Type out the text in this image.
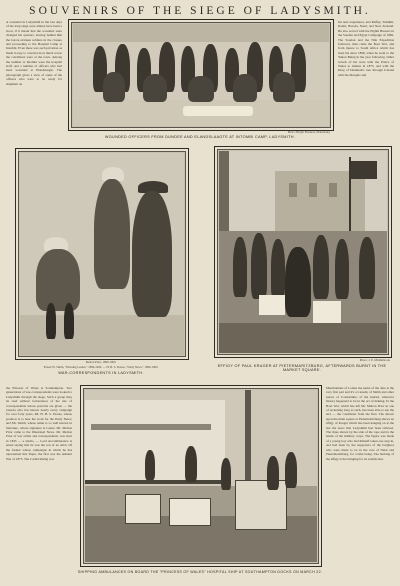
SOUVENIRS OF THE SIEGE OF LADYSMITH.

A wounded in Ladysmith in the last days of the long siege were almost have been a boon, if it meant that the wounded were changed his quarters, leaving behind him the horror-stricken soldiers in the closure and proceeding to the Hospital Camp at Intombi. Even there was such privation as made it easy to conceive how much worse the conditions were at the town. Among the number at Intombi were the hospital staff, and a number of officers who had been wounded at Elandslaagte. The photograph gives a view of some of the officers who were to be ready for shipment on

Photo: Bright Brothers, Maritzburg
WOUNDED OFFICERS FROM DUNDEE AND ELANDSLAAGTE AT INTOMBI CAMP, LADYSMITH.

his next experience, and Ruffey, Tushkili, Kabul, Baroda, Natal, and New Zealand. He also served with the Eighth Hussars in the Soudan and Egypt Campaign of 1882. The Soudan and the Nile Expedition followed, then came the Boer War, and from thence to South Africa which has been his since 1896, when he went to the Yukon Being in the year following. Other travels of his were with the Prince of Wales to Athens in 1875, and with the King of Denmark's tour through Iceland with the Marquis and

Melton Prior, 1899-1900.
Ernest W. Smith, "Morning Leader," 1899-1900. — H. H. S. Pearse, "Daily News," 1899-1900.
WAR-CORRESPONDENTS IN LADYSMITH.
Photo: J. E. Middlebrook
EFFIGY OF PAUL KRUGER AT PIETERMARITZBURG, AFTERWARDS BURNT IN THE MARKET SQUARE.

the Princess of Wales at Southampton. Two generations of war-correspondents were looked to Ladysmith through the siege. Such a group may be read without forbearance of the site of correspondents whose portraits are given — the veteran who has known nearly every campaign for over forty years, Mr. H. H. S. Pearse, whose position is to hear his work for the Daily News; and Mr. Smith, whose name is so well known in literature, whose signature is Lester. Mr. Melton Prior came to the Illustrated News. Mr. Melton Prior of war artists and correspondents, was born in 1845 — a studio, — Lord Ascomblerance is noted saying that he was the son of an artist. Of the former whose campaigns in which he has represented this Paper, the first was the Ashanti War of 1873. The Carlist Rising was

SHIPPING AMBULANCES ON BOARD THE "PRINCESS OF WALES" HOSPITAL SHIP AT SOUTHAMPTON DOCKS ON MARCH 22.

Mauritanians of Lomas the name of the date at the very first part and it's a Canada; of Smith and other places of Constantine; of the indeed, wherever history happened to be in the act of making. In the Boer War, which has left Mr. Melton Prior in one of reckoning long as such, has been able to see the end — the conditions from the first. The shown upon the main square at Pietermaritzburg shows an effigy of Kruger which has been hanging on at the last the news that Ladysmith had been relieved. The three shown by the side of the rope and in the hands of the military corps. The figure was made of a young boy who had himself taken one step in, and had been by the supporters of the burghers who were made to be in the care of Natal and Pietermaritzburg, for a time being. The burning of the effigy is the bringing for its satisfaction.
